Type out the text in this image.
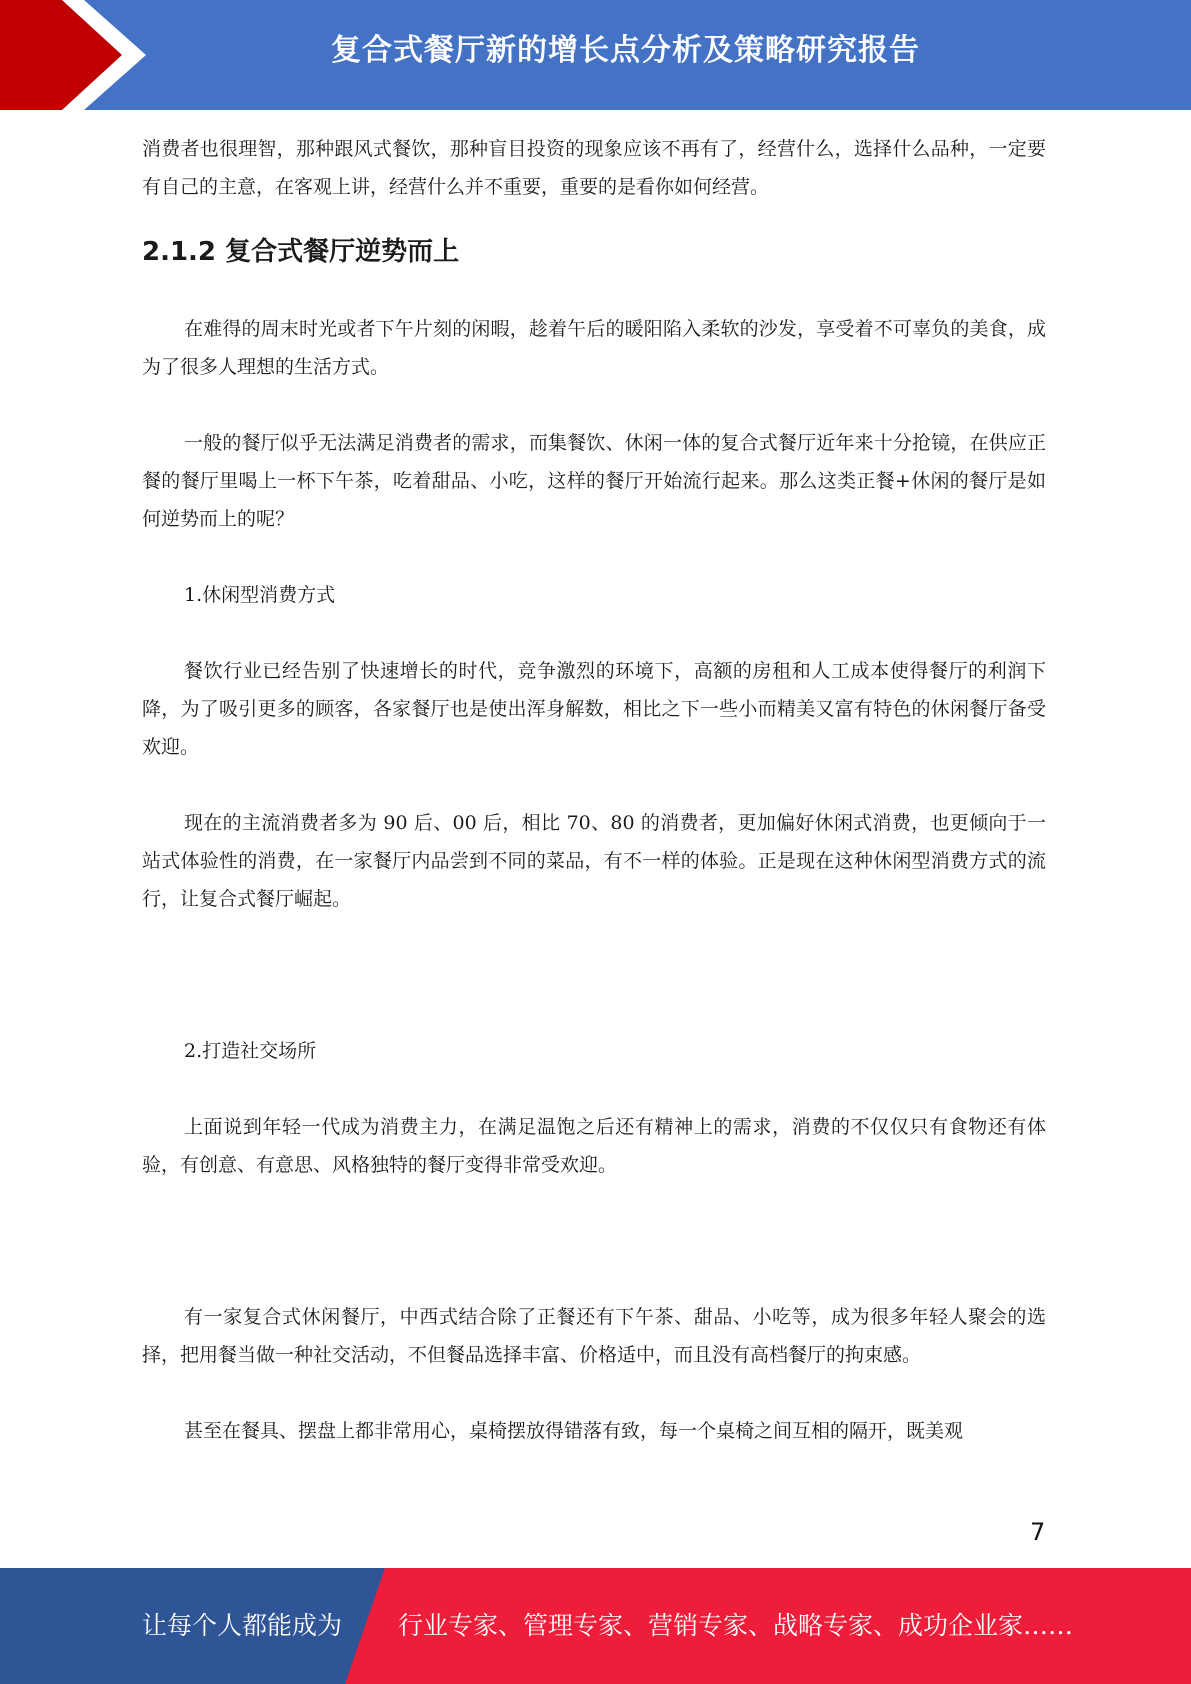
复合式餐厅新的增长点分析及策略研究报告

消费者也很理智，那种跟风式餐饮，那种盲目投资的现象应该不再有了，经营什么，选择什么品种，一定要有自己的主意，在客观上讲，经营什么并不重要，重要的是看你如何经营。

2.1.2 复合式餐厅逆势而上

在难得的周末时光或者下午片刻的闲暇，趁着午后的暖阳陷入柔软的沙发，享受着不可辜负的美食，成为了很多人理想的生活方式。

一般的餐厅似乎无法满足消费者的需求，而集餐饮、休闲一体的复合式餐厅近年来十分抢镜，在供应正餐的餐厅里喝上一杯下午茶，吃着甜品、小吃，这样的餐厅开始流行起来。那么这类正餐+休闲的餐厅是如何逆势而上的呢？

1.休闲型消费方式

餐饮行业已经告别了快速增长的时代，竞争激烈的环境下，高额的房租和人工成本使得餐厅的利润下降，为了吸引更多的顾客，各家餐厅也是使出浑身解数，相比之下一些小而精美又富有特色的休闲餐厅备受欢迎。

现在的主流消费者多为 90 后、00 后，相比 70、80 的消费者，更加偏好休闲式消费，也更倾向于一站式体验性的消费，在一家餐厅内品尝到不同的菜品，有不一样的体验。正是现在这种休闲型消费方式的流行，让复合式餐厅崛起。

2.打造社交场所

上面说到年轻一代成为消费主力，在满足温饱之后还有精神上的需求，消费的不仅仅只有食物还有体验，有创意、有意思、风格独特的餐厅变得非常受欢迎。

有一家复合式休闲餐厅，中西式结合除了正餐还有下午茶、甜品、小吃等，成为很多年轻人聚会的选择，把用餐当做一种社交活动，不但餐品选择丰富、价格适中，而且没有高档餐厅的拘束感。

甚至在餐具、摆盘上都非常用心，桌椅摆放得错落有致，每一个桌椅之间互相的隔开，既美观

7
让每个人都能成为 行业专家、管理专家、营销专家、战略专家、成功企业家……
